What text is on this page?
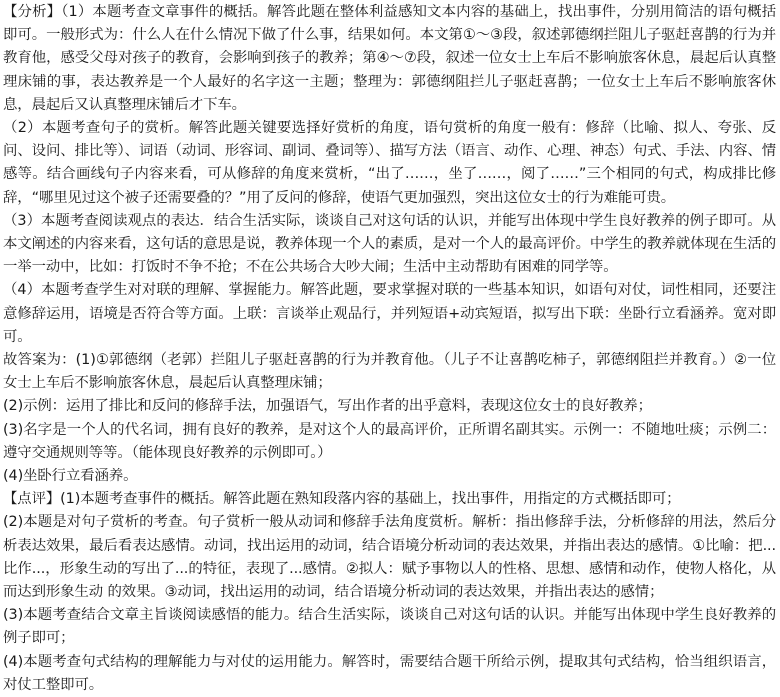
【分析】（1）本题考查文章事件的概括。解答此题在整体利益感知文本内容的基础上，找出事件，分别用简洁的语句概括即可。一般形式为：什么人在什么情况下做了什么事，结果如何。本文第①～③段，叙述郭德纲拦阻儿子驱赶喜鹊的行为并教育他，感受父母对孩子的教育，会影响到孩子的教养；第④～⑦段，叙述一位女士上车后不影响旅客休息，晨起后认真整理床铺的事，表达教养是一个人最好的名字这一主题；整理为：郭德纲阻拦儿子驱赶喜鹊；一位女士上车后不影响旅客休息，晨起后又认真整理床铺后才下车。

（2）本题考查句子的赏析。解答此题关键要选择好赏析的角度，语句赏析的角度一般有：修辞（比喻、拟人、夸张、反问、设问、排比等）、词语（动词、形容词、副词、叠词等）、描写方法（语言、动作、心理、神态）句式、手法、内容、情感等。结合画线句子内容来看，可从修辞的角度来赏析，“出了……，坐了……，阅了……”三个相同的句式，构成排比修辞，“哪里见过这个被子还需要叠的？”用了反问的修辞，使语气更加强烈，突出这位女士的行为难能可贵。

（3）本题考查阅读观点的表达．结合生活实际，谈谈自己对这句话的认识，并能写出体现中学生良好教养的例子即可。从本文阐述的内容来看，这句话的意思是说，教养体现一个人的素质，是对一个人的最高评价。中学生的教养就体现在生活的一举一动中，比如：打饭时不争不抢；不在公共场合大吵大闹；生活中主动帮助有困难的同学等。

（4）本题考查学生对对联的理解、掌握能力。解答此题，要求掌握对联的一些基本知识，如语句对仗，词性相同，还要注意修辞运用，语境是否符合等方面。上联：言谈举止观品行，并列短语+动宾短语，拟写出下联：坐卧行立看涵养。宽对即可。

故答案为：(1)①郭德纲（老郭）拦阻儿子驱赶喜鹊的行为并教育他。（儿子不让喜鹊吃柿子，郭德纲阻拦并教育。）②一位女士上车后不影响旅客休息，晨起后认真整理床铺；

(2)示例：运用了排比和反问的修辞手法，加强语气，写出作者的出乎意料，表现这位女士的良好教养；

(3)名字是一个人的代名词，拥有良好的教养，是对这个人的最高评价，正所谓名副其实。示例一：不随地吐痰；示例二：遵守交通规则等等。（能体现良好教养的示例即可。）

(4)坐卧行立看涵养。

【点评】(1)本题考查事件的概括。解答此题在熟知段落内容的基础上，找出事件，用指定的方式概括即可；

(2)本题是对句子赏析的考查。句子赏析一般从动词和修辞手法角度赏析。解析：指出修辞手法，分析修辞的用法，然后分析表达效果，最后看表达感情。动词，找出运用的动词，结合语境分析动词的表达效果，并指出表达的感情。①比喻：把...比作...，形象生动的写出了...的特征，表现了...感情。②拟人：赋予事物以人的性格、思想、感情和动作，使物人格化，从而达到形象生动 的效果。③动词，找出运用的动词，结合语境分析动词的表达效果，并指出表达的感情；

(3)本题考查结合文章主旨谈阅读感悟的能力。结合生活实际，谈谈自己对这句话的认识。并能写出体现中学生良好教养的例子即可；

(4)本题考查句式结构的理解能力与对仗的运用能力。解答时，需要结合题干所给示例，提取其句式结构，恰当组织语言，对仗工整即可。
